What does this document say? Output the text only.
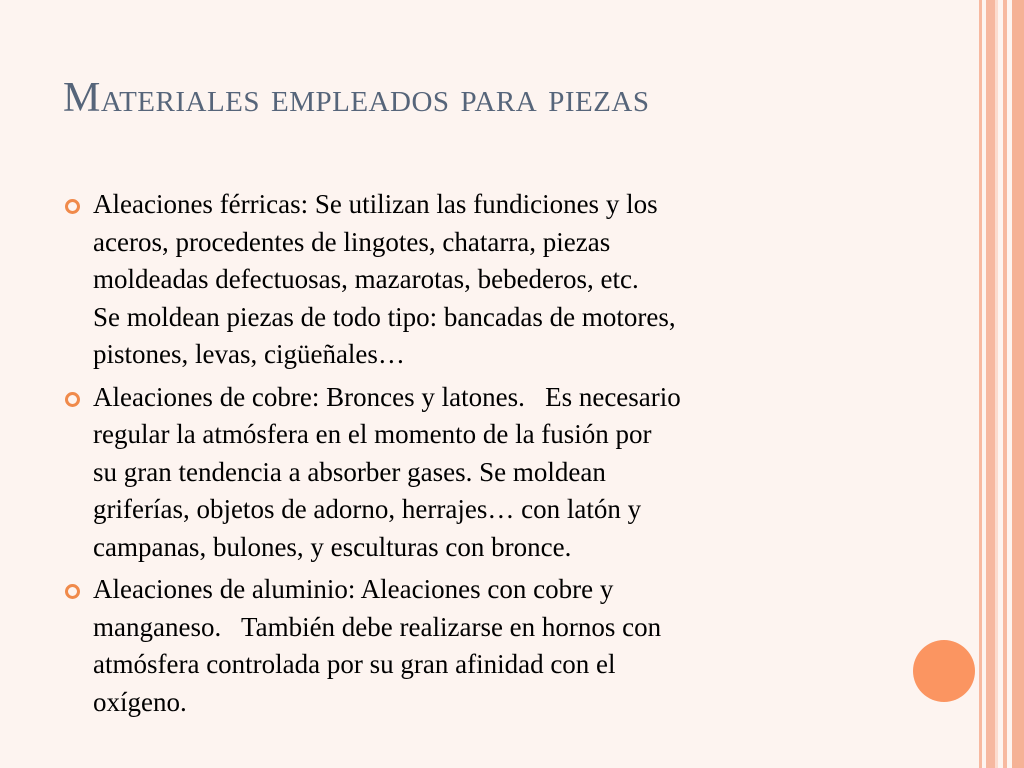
Materiales empleados para piezas
Aleaciones férricas: Se utilizan las fundiciones y los
aceros, procedentes de lingotes, chatarra, piezas
moldeadas defectuosas, mazarotas, bebederos, etc.
Se moldean piezas de todo tipo: bancadas de motores,
pistones, levas, cigüeñales…
Aleaciones de cobre: Bronces y latones.   Es necesario
regular la atmósfera en el momento de la fusión por
su gran tendencia a absorber gases. Se moldean
griferías, objetos de adorno, herrajes… con latón y
campanas, bulones, y esculturas con bronce.
Aleaciones de aluminio: Aleaciones con cobre y
manganeso.   También debe realizarse en hornos con
atmósfera controlada por su gran afinidad con el
oxígeno.
